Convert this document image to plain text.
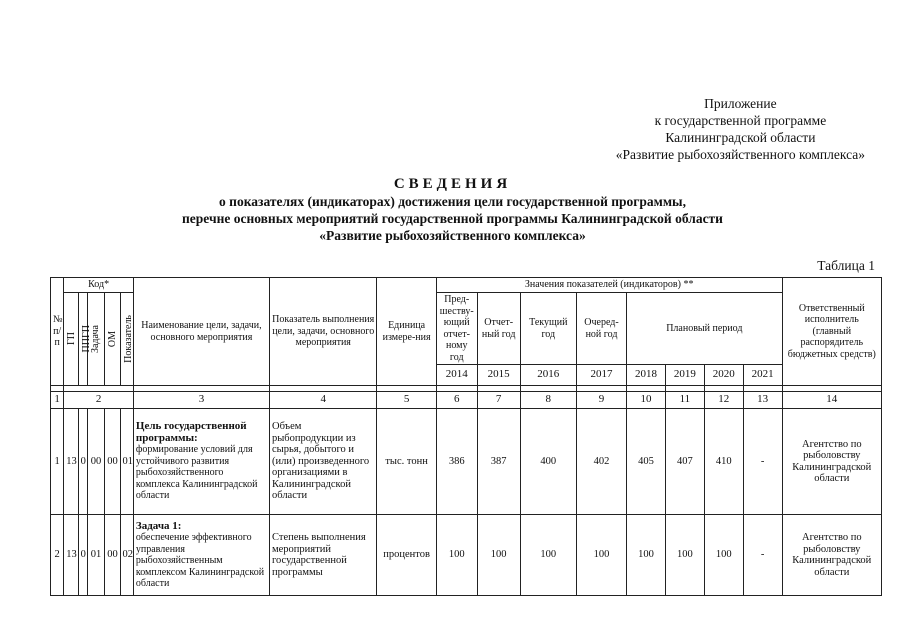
Приложение
к государственной программе
Калининградской области
«Развитие рыбохозяйственного комплекса»
СВЕДЕНИЯ
о показателях (индикаторах) достижения цели государственной программы,
перечне основных мероприятий государственной программы Калининградской области
«Развитие рыбохозяйственного комплекса»
Таблица 1
№ п/п	Код*					Наименование цели, задачи, основного мероприятия	Показатель выполнения цели, задачи, основного мероприятия	Единица измере-ния	Значения показателей (индикаторов) **								Ответственный исполнитель (главный распорядитель бюджетных средств)

	ГП	ППГП	Задача	ОМ	Показатель				Пред-шеству-ющий отчет-ному год	Отчет-ный год	Текущий год	Очеред-ной год	Плановый период				
									2014	2015	2016	2017	2018	2019	2020	2021	

1	2					3	4	5	6	7	8	9	10	11	12	13	14
1	13	0	00	00	01	Цель государственной программы:
формирование условий для устойчивого развития рыбохозяйственного комплекса Калининградской области	Объем рыбопродукции из сырья, добытого и (или) произведенного организациями в Калининградской области	тыс. тонн	386	387	400	402	405	407	410	-	Агентство по рыболовству Калининградской области
2	13	0	01	00	02	Задача 1:
обеспечение эффективного управления рыбохозяйственным комплексом Калининградской области	Степень выполнения мероприятий государственной программы	процентов	100	100	100	100	100	100	100	-	Агентство по рыболовству Калининградской области
